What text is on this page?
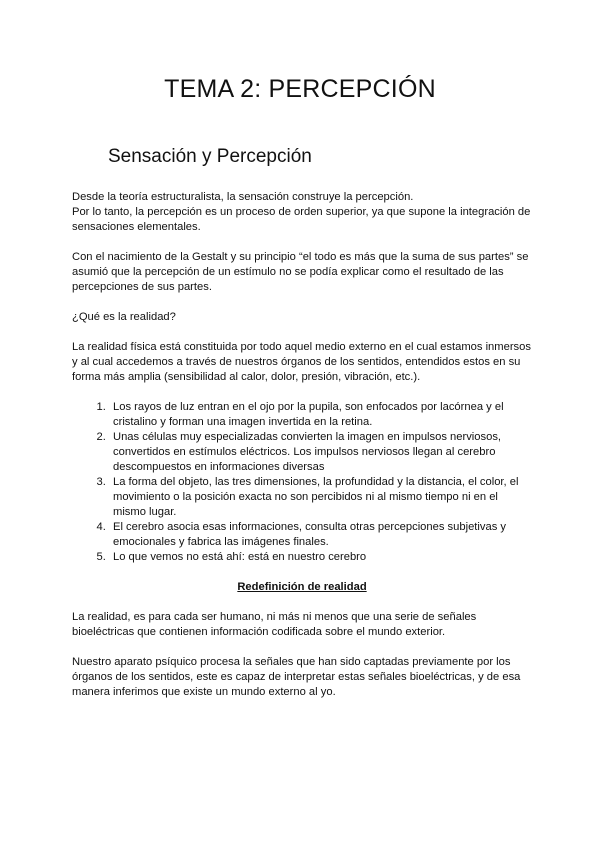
TEMA 2: PERCEPCIÓN
Sensación y Percepción

Desde la teoría estructuralista, la sensación construye la percepción.

Por lo tanto, la percepción es un proceso de orden superior, ya que supone la integración de sensaciones elementales.

Con el nacimiento de la Gestalt y su principio “el todo es más que la suma de sus partes” se asumió que la percepción de un estímulo no se podía explicar como el resultado de las percepciones de sus partes.

¿Qué es la realidad?

La realidad física está constituida por todo aquel medio externo en el cual estamos inmersos y al cual accedemos a través de nuestros órganos de los sentidos, entendidos estos en su forma más amplia (sensibilidad al calor, dolor, presión, vibración, etc.).

1. Los rayos de luz entran en el ojo por la pupila, son enfocados por lacórnea y el cristalino y forman una imagen invertida en la retina.
2. Unas células muy especializadas convierten la imagen en impulsos nerviosos, convertidos en estímulos eléctricos. Los impulsos nerviosos llegan al cerebro descompuestos en informaciones diversas
3. La forma del objeto, las tres dimensiones, la profundidad y la distancia, el color, el movimiento o la posición exacta no son percibidos ni al mismo tiempo ni en el mismo lugar.
4. El cerebro asocia esas informaciones, consulta otras percepciones subjetivas y emocionales y fabrica las imágenes finales.
5. Lo que vemos no está ahí: está en nuestro cerebro

Redefinición de realidad

La realidad, es para cada ser humano, ni más ni menos que una serie de señales bioeléctricas que contienen información codificada sobre el mundo exterior.

Nuestro aparato psíquico procesa la señales que han sido captadas previamente por los órganos de los sentidos, este es capaz de interpretar estas señales bioeléctricas, y de esa manera inferimos que existe un mundo externo al yo.
